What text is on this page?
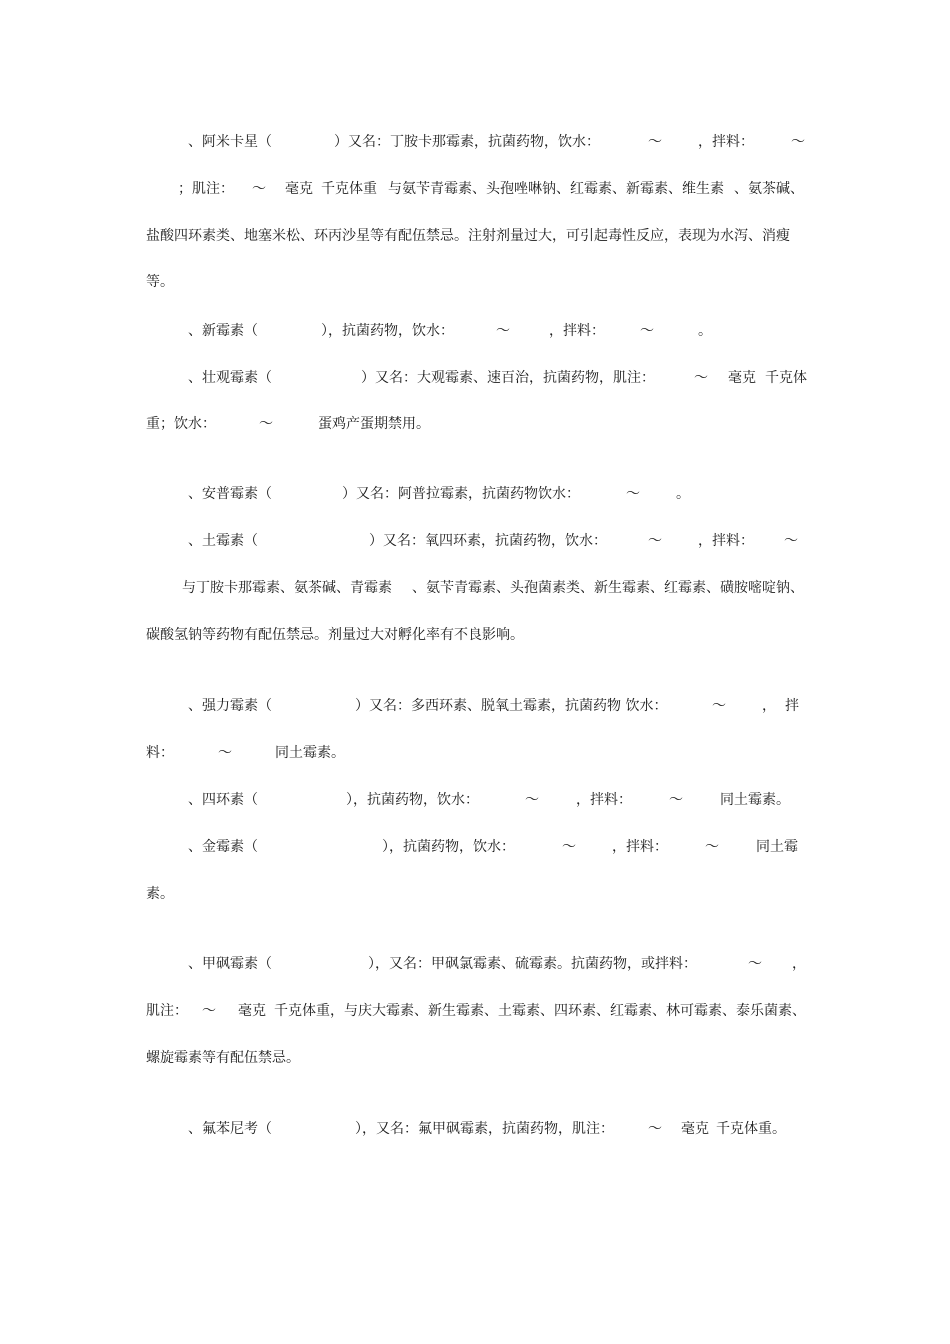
、阿米卡星（	）又名：丁胺卡那霉素，抗菌药物，饮水：	～	，拌料：	～
；肌注： ～ 毫克 千克体重 与氨苄青霉素、头孢唑啉钠、红霉素、新霉素、维生素 、氨茶碱、
盐酸四环素类、地塞米松、环丙沙星等有配伍禁忌。注射剂量过大，可引起毒性反应，表现为水泻、消瘦
等。
、新霉素（	），抗菌药物，饮水：	～	，拌料：	～	。
、壮观霉素（	）又名：大观霉素、速百治，抗菌药物，肌注：	～ 毫克 千克体
重；饮水：	～	蛋鸡产蛋期禁用。
、安普霉素（	）又名：阿普拉霉素，抗菌药物饮水：	～	。
、土霉素（	）又名：氧四环素，抗菌药物，饮水：	～	，拌料： ～
与丁胺卡那霉素、氨茶碱、青霉素 、氨苄青霉素、头孢菌素类、新生霉素、红霉素、磺胺嘧啶钠、
碳酸氢钠等药物有配伍禁忌。剂量过大对孵化率有不良影响。
、强力霉素（	）又名：多西环素、脱氧土霉素，抗菌药物 饮水：	～	， 拌
料：	～	同土霉素。
、四环素（	），抗菌药物，饮水：	～	，拌料：	～	同土霉素。
、金霉素（	），抗菌药物，饮水：	～	，拌料：	～	同土霉
素。
、甲砜霉素（	），又名：甲砜氯霉素、硫霉素。抗菌药物，或拌料：	～ ，
肌注： ～ 毫克 千克体重，与庆大霉素、新生霉素、土霉素、四环素、红霉素、林可霉素、泰乐菌素、
螺旋霉素等有配伍禁忌。
、氟苯尼考（	），又名：氟甲砜霉素，抗菌药物，肌注： ～ 毫克 千克体重。
